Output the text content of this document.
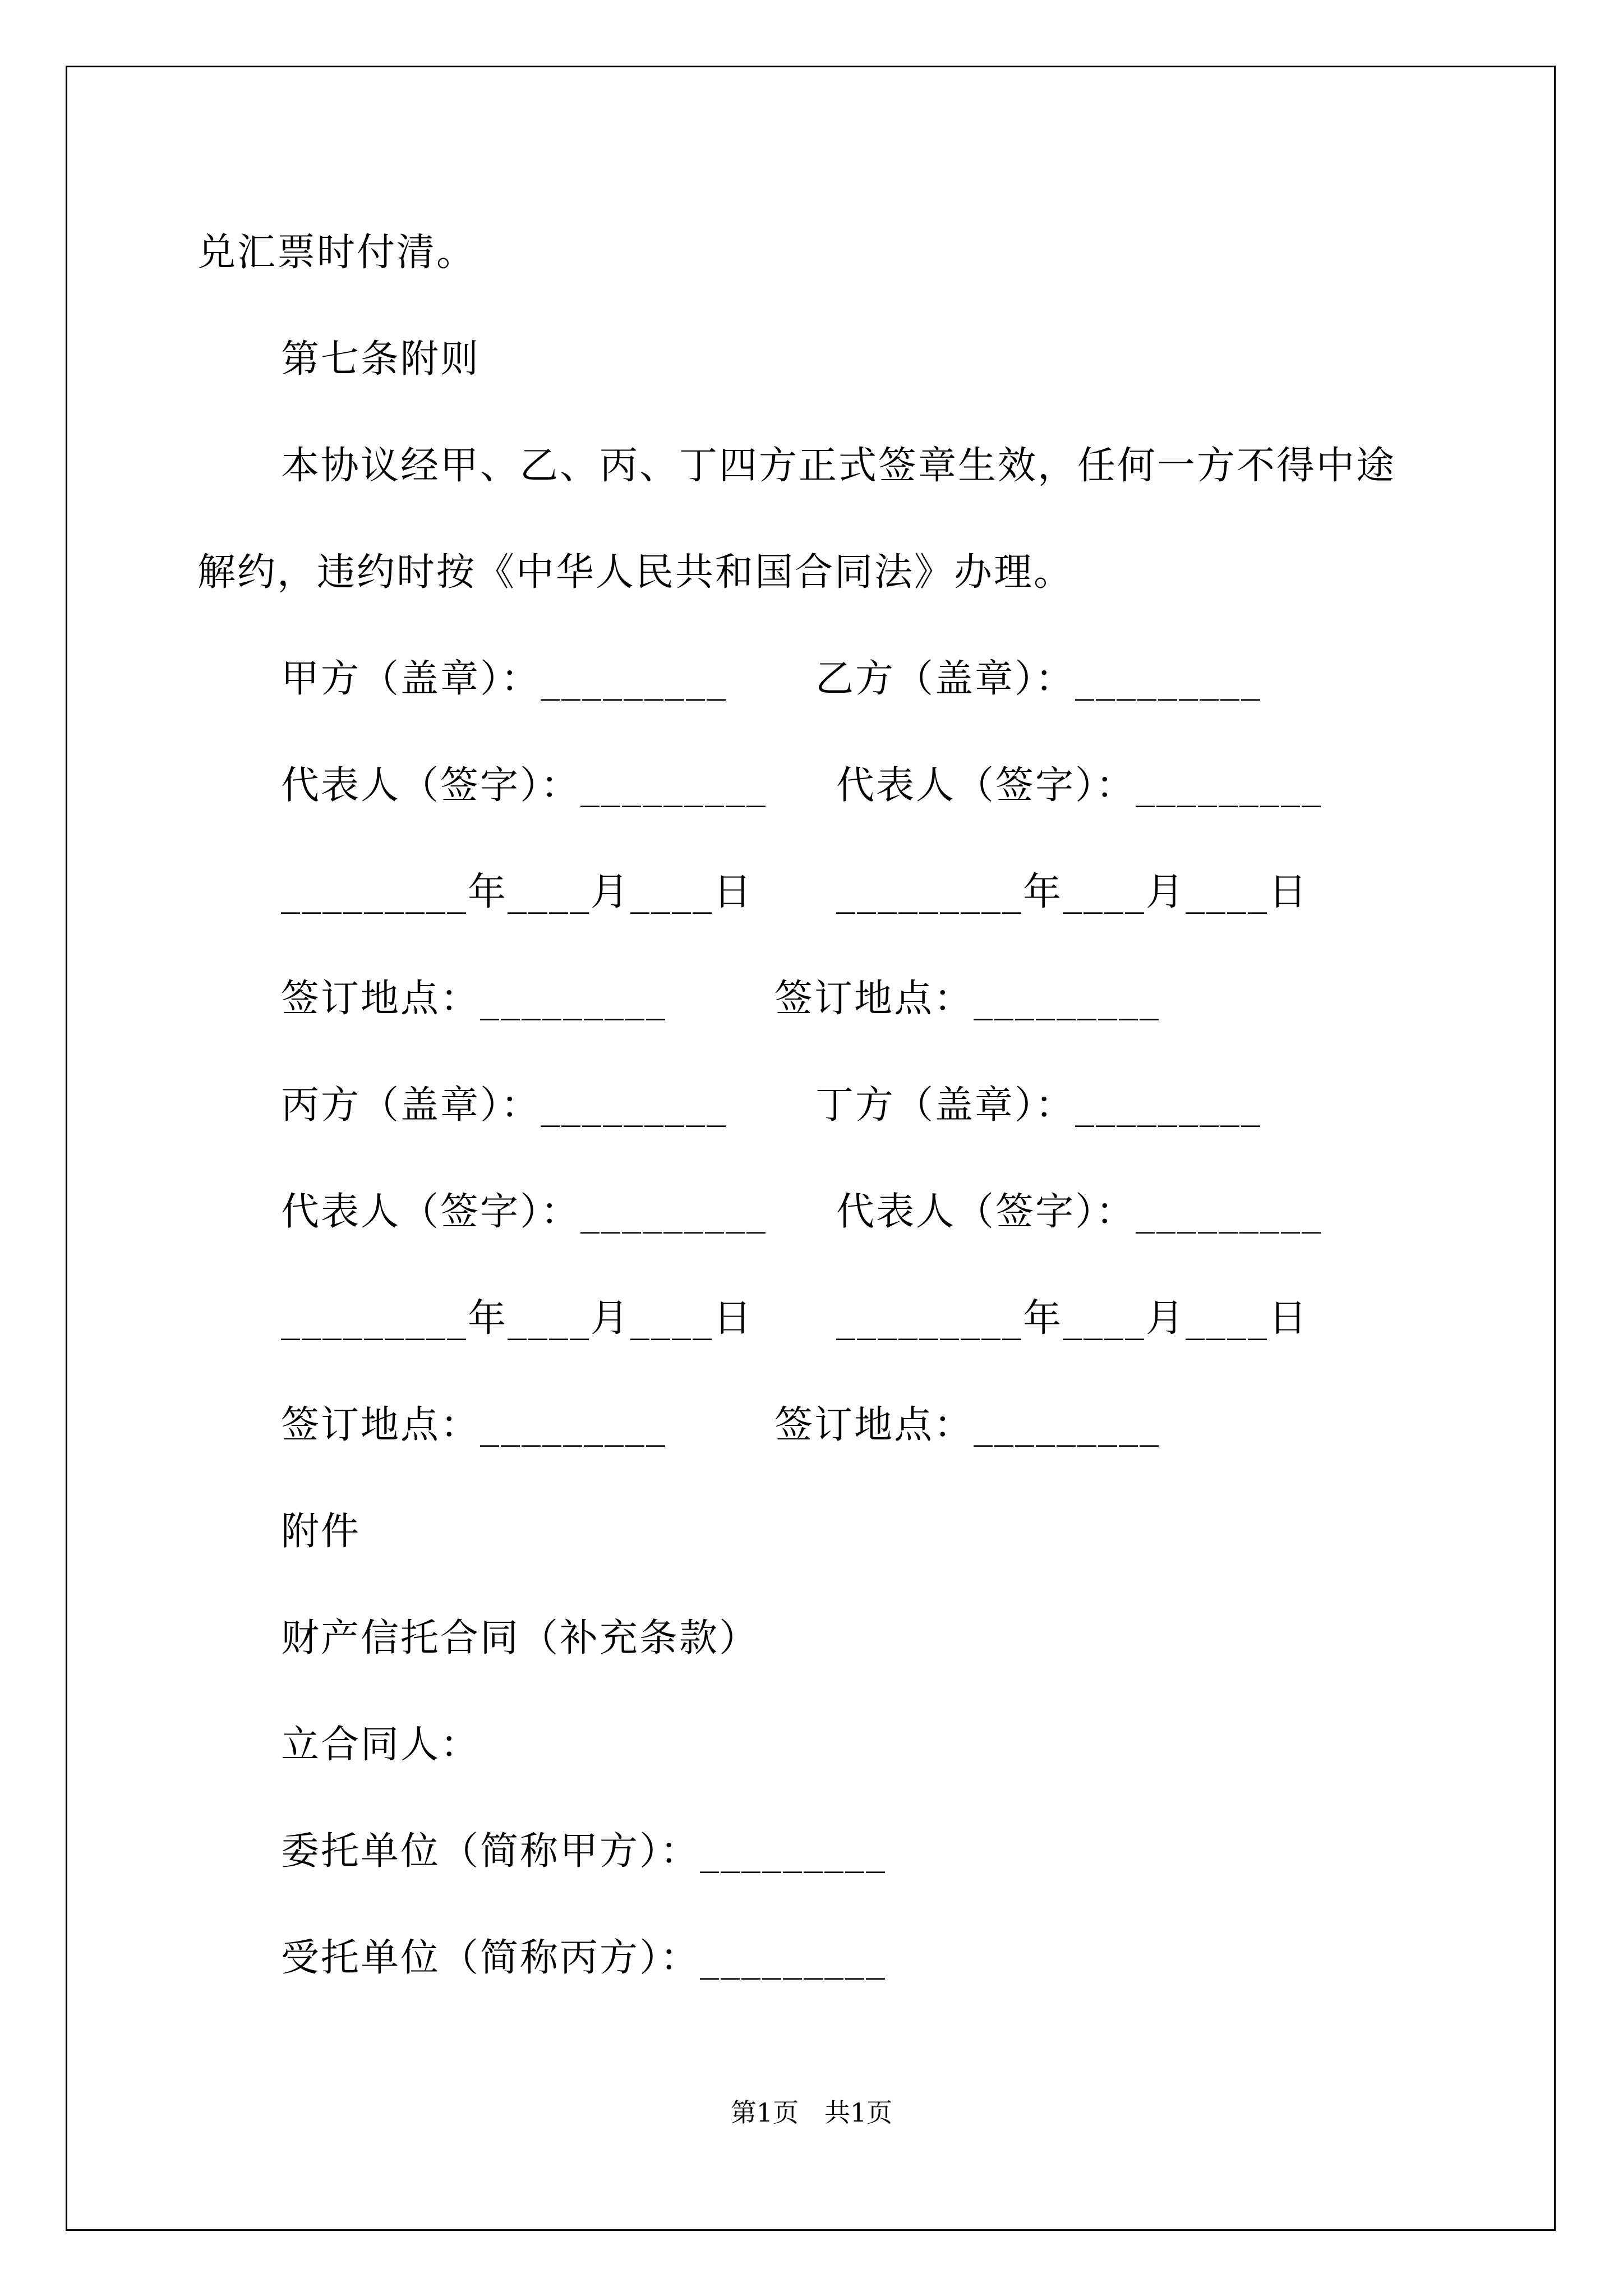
兑汇票时付清。
第七条附则
本协议经甲、乙、丙、丁四方正式签章生效，任何一方不得中途
解约，违约时按《中华人民共和国合同法》办理。
甲方（盖章）：_________ 乙方（盖章）：_________
代表人（签字）：_________ 代表人（签字）：_________
_________年____月____日 _________年____月____日
签订地点：_________	签订地点：_________
丙方（盖章）：_________ 丁方（盖章）：_________
代表人（签字）：_________ 代表人（签字）：_________
_________年____月____日 _________年____月____日
签订地点：_________	签订地点：_________
附件
财产信托合同（补充条款）
立合同人：
委托单位（简称甲方）：_________
受托单位（简称丙方）：_________
第1页　共1页
